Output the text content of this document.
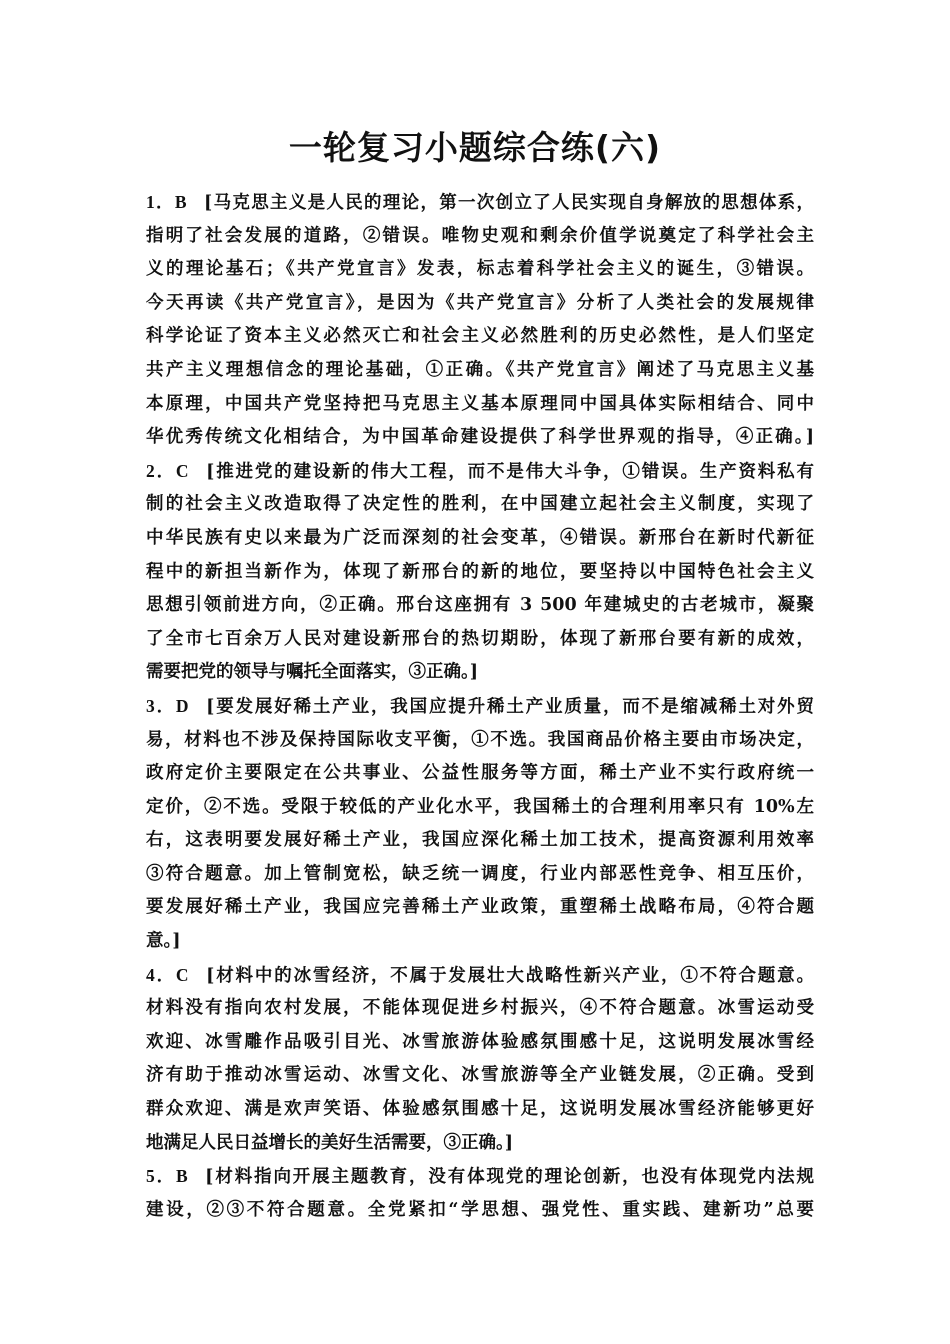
一轮复习小题综合练(六)
1．B  [马克思主义是人民的理论，第一次创立了人民实现自身解放的思想体系，
指明了社会发展的道路，②错误。唯物史观和剩余价值学说奠定了科学社会主
义的理论基石；《共产党宣言》发表，标志着科学社会主义的诞生，③错误。
今天再读《共产党宣言》，是因为《共产党宣言》分析了人类社会的发展规律
科学论证了资本主义必然灭亡和社会主义必然胜利的历史必然性，是人们坚定
共产主义理想信念的理论基础，①正确。《共产党宣言》阐述了马克思主义基
本原理，中国共产党坚持把马克思主义基本原理同中国具体实际相结合、同中
华优秀传统文化相结合，为中国革命建设提供了科学世界观的指导，④正确。]
2．C  [推进党的建设新的伟大工程，而不是伟大斗争，①错误。生产资料私有
制的社会主义改造取得了决定性的胜利，在中国建立起社会主义制度，实现了
中华民族有史以来最为广泛而深刻的社会变革，④错误。新邢台在新时代新征
程中的新担当新作为，体现了新邢台的新的地位，要坚持以中国特色社会主义
思想引领前进方向，②正确。邢台这座拥有 3 500 年建城史的古老城市，凝聚
了全市七百余万人民对建设新邢台的热切期盼，体现了新邢台要有新的成效，
需要把党的领导与嘱托全面落实，③正确。]
3．D  [要发展好稀土产业，我国应提升稀土产业质量，而不是缩减稀土对外贸
易，材料也不涉及保持国际收支平衡，①不选。我国商品价格主要由市场决定，
政府定价主要限定在公共事业、公益性服务等方面，稀土产业不实行政府统一
定价，②不选。受限于较低的产业化水平，我国稀土的合理利用率只有 10%左
右，这表明要发展好稀土产业，我国应深化稀土加工技术，提高资源利用效率
③符合题意。加上管制宽松，缺乏统一调度，行业内部恶性竞争、相互压价，
要发展好稀土产业，我国应完善稀土产业政策，重塑稀土战略布局，④符合题
意。]
4．C  [材料中的冰雪经济，不属于发展壮大战略性新兴产业，①不符合题意。
材料没有指向农村发展，不能体现促进乡村振兴，④不符合题意。冰雪运动受
欢迎、冰雪雕作品吸引目光、冰雪旅游体验感氛围感十足，这说明发展冰雪经
济有助于推动冰雪运动、冰雪文化、冰雪旅游等全产业链发展，②正确。受到
群众欢迎、满是欢声笑语、体验感氛围感十足，这说明发展冰雪经济能够更好
地满足人民日益增长的美好生活需要，③正确。]
5．B  [材料指向开展主题教育，没有体现党的理论创新，也没有体现党内法规
建设，②③不符合题意。全党紧扣“学思想、强党性、重实践、建新功”总要
